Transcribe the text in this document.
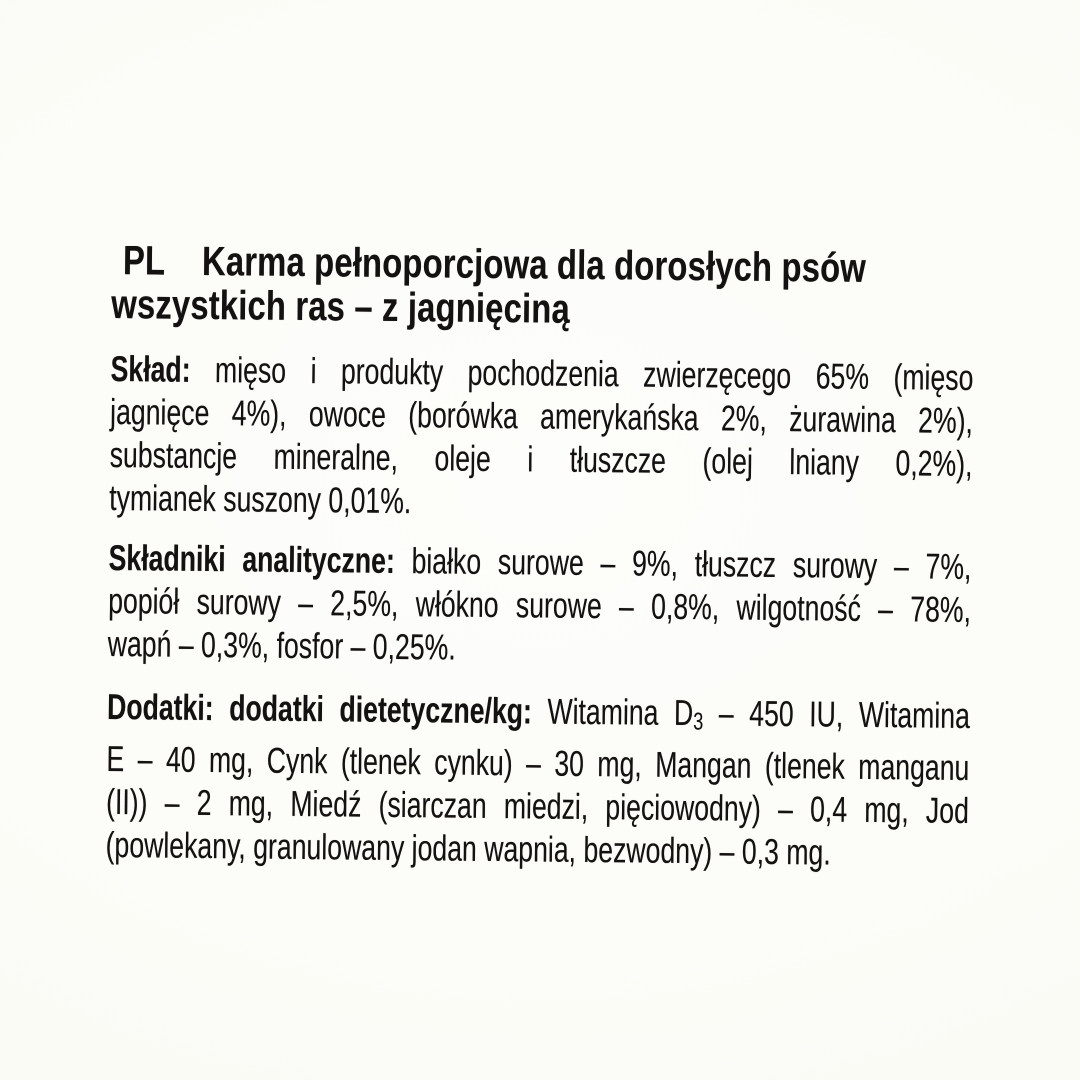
PL Karma pełnoporcjowa dla dorosłych psów
wszystkich ras – z jagnięciną
Skład: mięso i produkty pochodzenia zwierzęcego 65% (mięso
jagnięce 4%), owoce (borówka amerykańska 2%, żurawina 2%),
substancje mineralne, oleje i tłuszcze (olej lniany 0,2%),
tymianek suszony 0,01%.
Składniki analityczne: białko surowe – 9%, tłuszcz surowy – 7%,
popiół surowy – 2,5%, włókno surowe – 0,8%, wilgotność – 78%,
wapń – 0,3%, fosfor – 0,25%.
Dodatki: dodatki dietetyczne/kg: Witamina D3 – 450 IU, Witamina
E – 40 mg, Cynk (tlenek cynku) – 30 mg, Mangan (tlenek manganu
(II)) – 2 mg, Miedź (siarczan miedzi, pięciowodny) – 0,4 mg, Jod
(powlekany, granulowany jodan wapnia, bezwodny) – 0,3 mg.
